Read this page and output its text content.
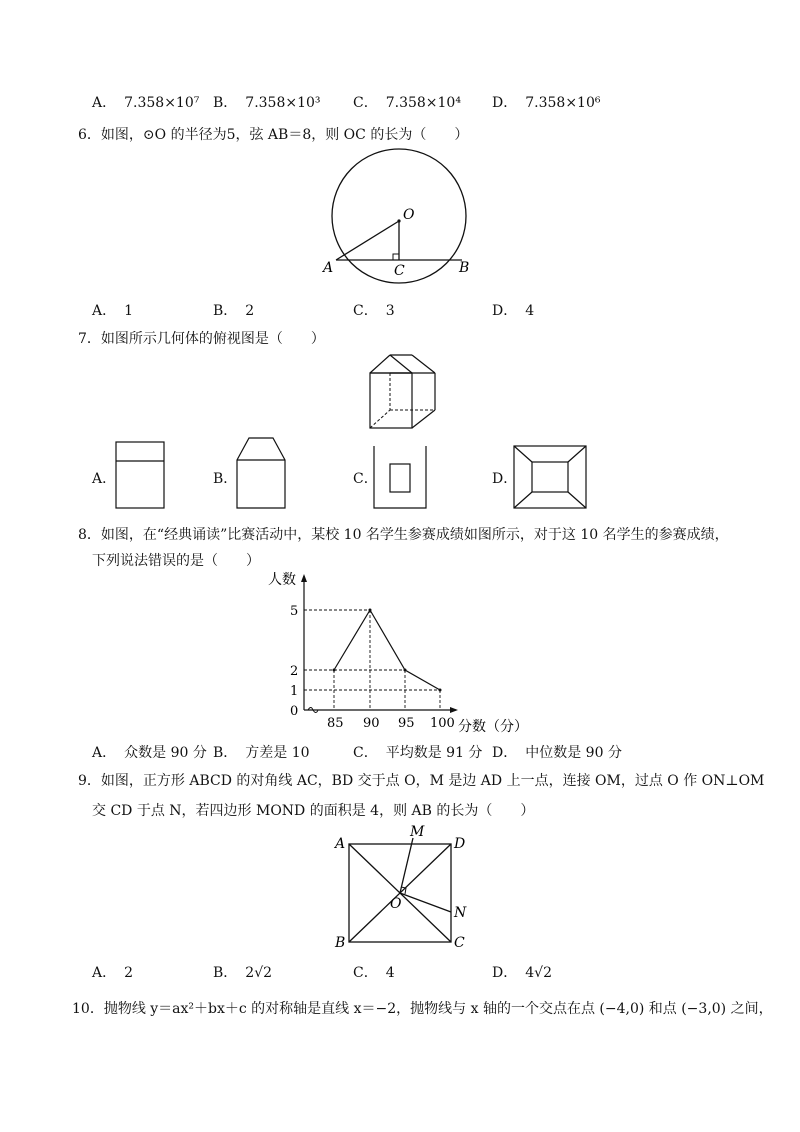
A． 7.358×10⁷ B． 7.358×10³ C． 7.358×10⁴ D． 7.358×10⁶
6．如图，⊙O 的半径为5，弦 AB＝8，则 OC 的长为（　　）
O
A	C	B
A． 1	B． 2	C． 3	D． 4
7．如图所示几何体的俯视图是（　　）
A．	B．	C．	D．
8．如图，在“经典诵读”比赛活动中，某校 10 名学生参赛成绩如图所示，对于这 10 名学生的参赛成绩，
下列说法错误的是（　　）
0
1
2
5
85 90 95 100
人数
分数（分）
A． 众数是 90 分 B． 方差是 10	C． 平均数是 91 分 D． 中位数是 90 分
9．如图，正方形 ABCD 的对角线 AC，BD 交于点 O，M 是边 AD 上一点，连接 OM，过点 O 作 ON⊥OM
交 CD 于点 N，若四边形 MOND 的面积是 4，则 AB 的长为（　　）
A	D
B	C
M
N
O
A． 2	B． 2√2	C． 4	D． 4√2
10．抛物线 y＝ax²＋bx＋c 的对称轴是直线 x＝−2，抛物线与 x 轴的一个交点在点 (−4,0) 和点 (−3,0) 之间，
